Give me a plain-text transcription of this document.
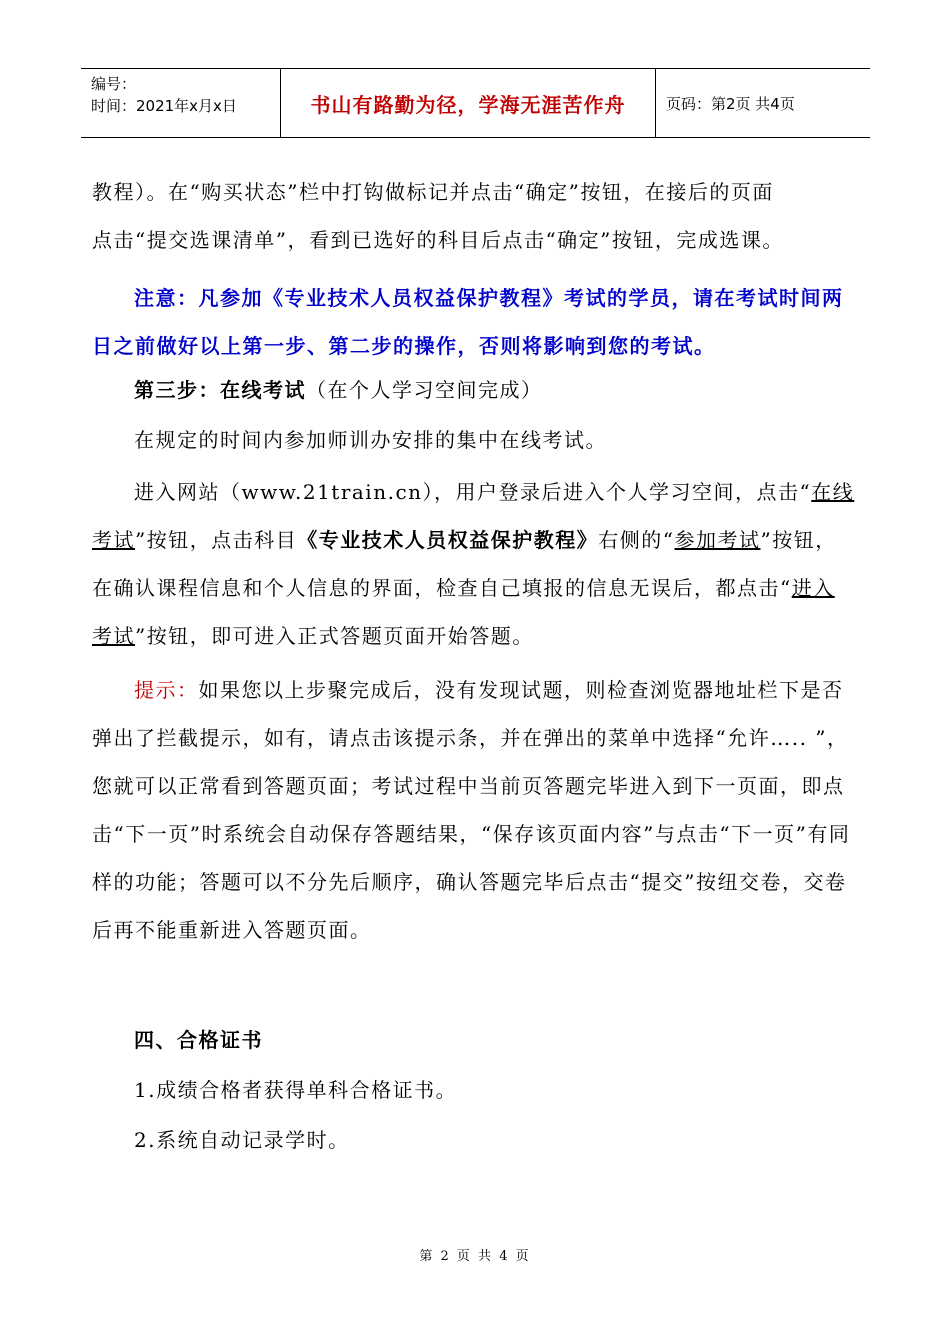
编号：
时间：2021年x月x日	书山有路勤为径，学海无涯苦作舟	页码：第2页 共4页

教程）。在“购买状态”栏中打钩做标记并点击“确定”按钮，在接后的页面
点击“提交选课清单”，看到已选好的科目后点击“确定”按钮，完成选课。

注意：凡参加《专业技术人员权益保护教程》考试的学员，请在考试时间两日之前做好以上第一步、第二步的操作，否则将影响到您的考试。

第三步：在线考试（在个人学习空间完成）

在规定的时间内参加师训办安排的集中在线考试。

进入网站（www.21train.cn），用户登录后进入个人学习空间，点击“在线考试”按钮，点击科目《专业技术人员权益保护教程》右侧的“参加考试”按钮，在确认课程信息和个人信息的界面，检查自己填报的信息无误后，都点击“进入考试”按钮，即可进入正式答题页面开始答题。

提示：如果您以上步聚完成后，没有发现试题，则检查浏览器地址栏下是否弹出了拦截提示，如有，请点击该提示条，并在弹出的菜单中选择“允许….. ”，您就可以正常看到答题页面；考试过程中当前页答题完毕进入到下一页面，即点击“下一页”时系统会自动保存答题结果，“保存该页面内容”与点击“下一页”有同样的功能；答题可以不分先后顺序，确认答题完毕后点击“提交”按纽交卷，交卷后再不能重新进入答题页面。

四、合格证书

1.成绩合格者获得单科合格证书。

2.系统自动记录学时。

第 2 页 共 4 页
